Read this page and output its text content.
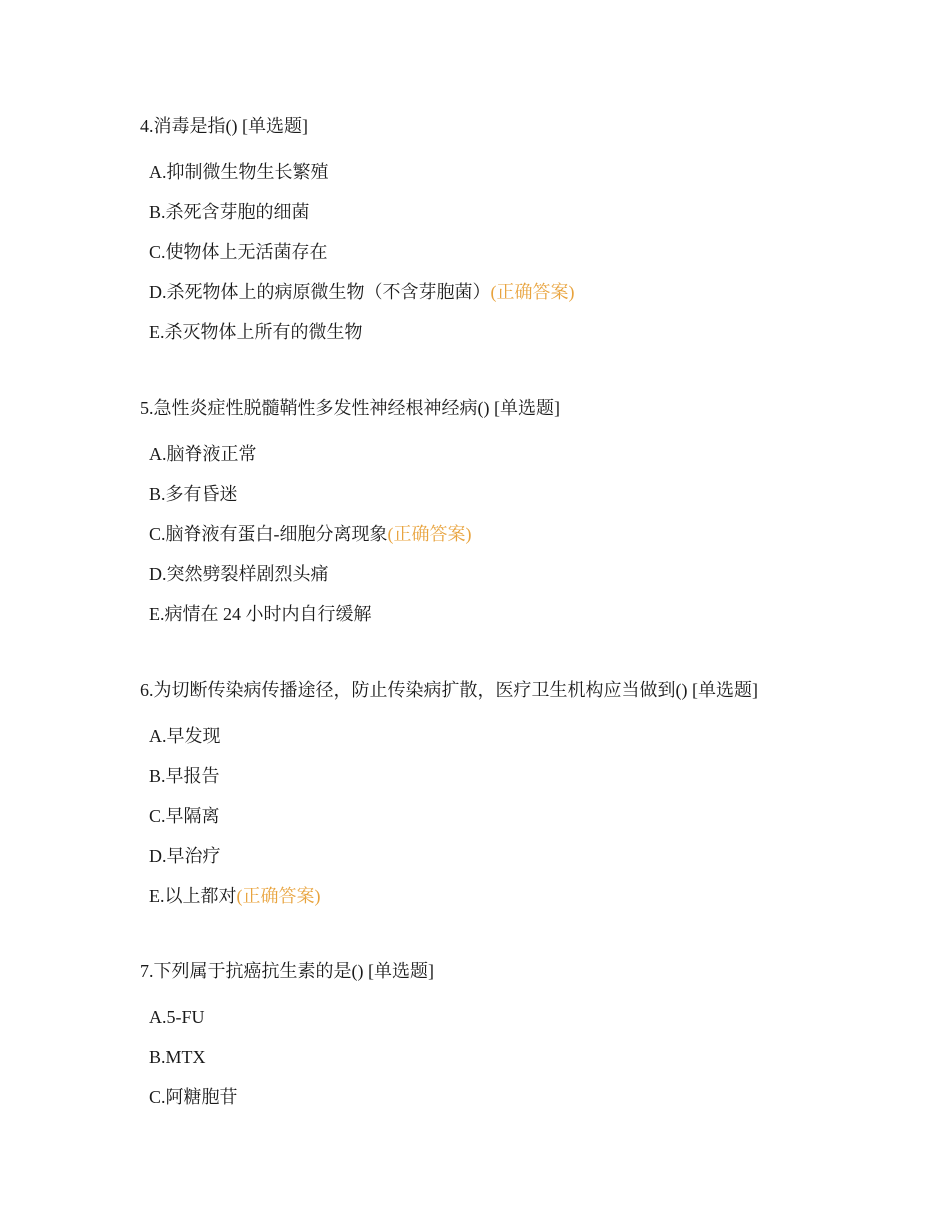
4.消毒是指() [单选题]
A.抑制微生物生长繁殖
B.杀死含芽胞的细菌
C.使物体上无活菌存在
D.杀死物体上的病原微生物（不含芽胞菌）(正确答案)
E.杀灭物体上所有的微生物
5.急性炎症性脱髓鞘性多发性神经根神经病() [单选题]
A.脑脊液正常
B.多有昏迷
C.脑脊液有蛋白-细胞分离现象(正确答案)
D.突然劈裂样剧烈头痛
E.病情在 24 小时内自行缓解
6.为切断传染病传播途径，防止传染病扩散，医疗卫生机构应当做到() [单选题]
A.早发现
B.早报告
C.早隔离
D.早治疗
E.以上都对(正确答案)
7.下列属于抗癌抗生素的是() [单选题]
A.5-FU
B.MTX
C.阿糖胞苷
